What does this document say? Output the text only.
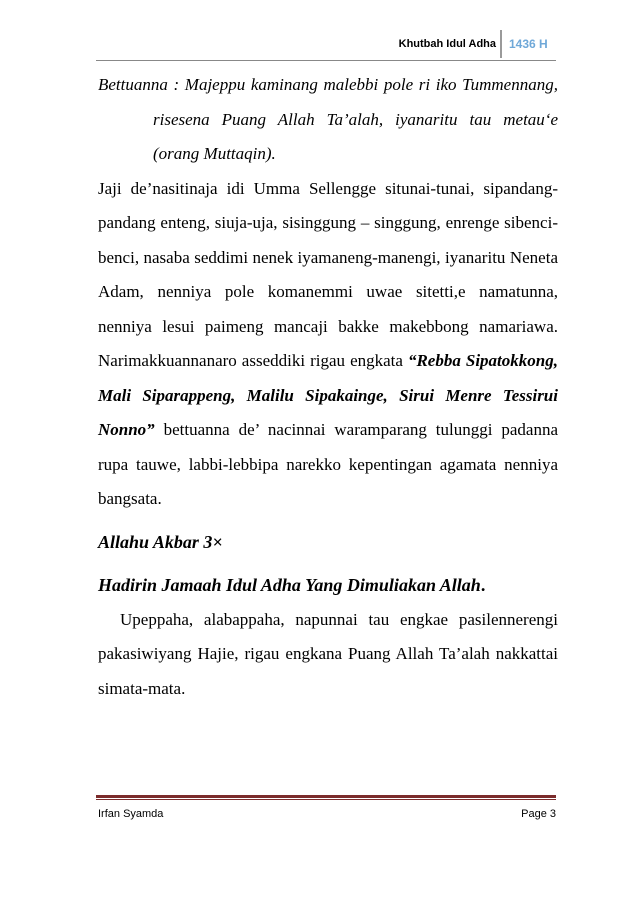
Khutbah Idul Adha 1436 H

Bettuanna : Majeppu kaminang malebbi pole ri iko Tummennang, risesena Puang Allah Ta’alah, iyanaritu tau metau‘e (orang Muttaqin).

Jaji de’nasitinaja idi Umma Sellengge situnai-tunai, sipandang-pandang enteng, siuja-uja, sisinggung – singgung, enrenge sibenci-benci, nasaba seddimi nenek iyamaneng-manengi, iyanaritu Neneta Adam, nenniya pole komanemmi uwae sitetti,e namatunna, nenniya lesui paimeng mancaji bakke makebbong namariawa. Narimakkuannanaro asseddiki rigau engkata “Rebba Sipatokkong, Mali Siparappeng, Malilu Sipakainge, Sirui Menre Tessirui Nonno” bettuanna de’ nacinnai waramparang tulunggi padanna rupa tauwe, labbi-lebbipa narekko kepentingan agamata nenniya bangsata.

Allahu Akbar 3×

Hadirin Jamaah Idul Adha Yang Dimuliakan Allah.

Upeppaha, alabappaha, napunnai tau engkae pasilennerengi pakasiwiyang Hajie, rigau engkana Puang Allah Ta’alah nakkattai simata-mata.

Irfan Syamda	Page 3
